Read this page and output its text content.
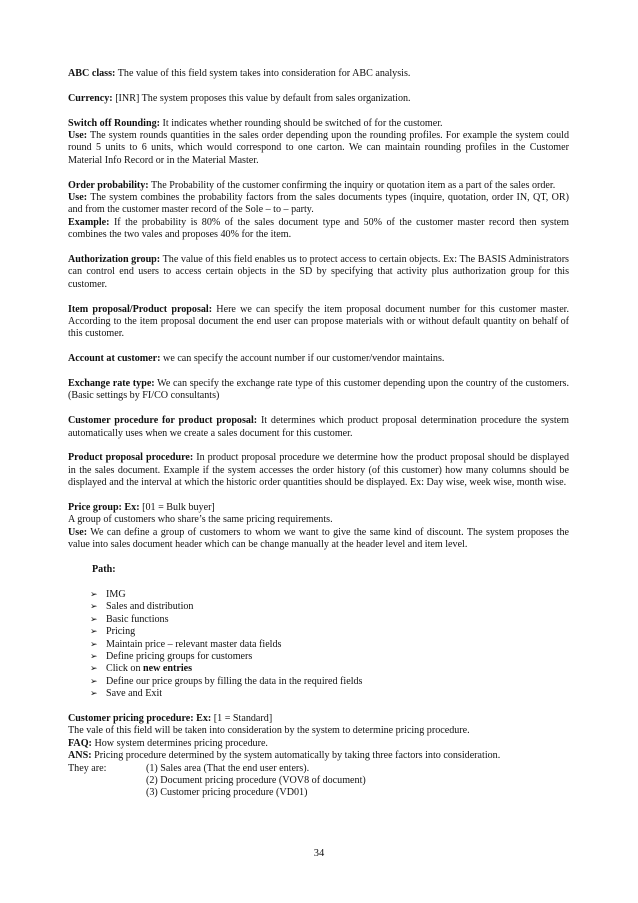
ABC class: The value of this field system takes into consideration for ABC analysis.

Currency: [INR] The system proposes this value by default from sales organization.

Switch off Rounding: It indicates whether rounding should be switched of for the customer.

Use: The system rounds quantities in the sales order depending upon the rounding profiles. For example the system could round 5 units to 6 units, which would correspond to one carton. We can maintain rounding profiles in the Customer Material Info Record or in the Material Master.

Order probability: The Probability of the customer confirming the inquiry or quotation item as a part of the sales order.

Use: The system combines the probability factors from the sales documents types (inquire, quotation, order IN, QT, OR) and from the customer master record of the Sole – to – party.

Example: If the probability is 80% of the sales document type and 50% of the customer master record then system combines the two vales and proposes 40% for the item.

Authorization group: The value of this field enables us to protect access to certain objects. Ex: The BASIS Administrators can control end users to access certain objects in the SD by specifying that activity plus authorization group for this customer.

Item proposal/Product proposal: Here we can specify the item proposal document number for this customer master. According to the item proposal document the end user can propose materials with or without default quantity on behalf of this customer.

Account at customer: we can specify the account number if our customer/vendor maintains.

Exchange rate type: We can specify the exchange rate type of this customer depending upon the country of the customers. (Basic settings by FI/CO consultants)

Customer procedure for product proposal: It determines which product proposal determination procedure the system automatically uses when we create a sales document for this customer.

Product proposal procedure: In product proposal procedure we determine how the product proposal should be displayed in the sales document. Example if the system accesses the order history (of this customer) how many columns should be displayed and the interval at which the historic order quantities should be displayed. Ex: Day wise, week wise, month wise.

Price group: Ex: [01 = Bulk buyer]

A group of customers who share’s the same pricing requirements.

Use: We can define a group of customers to whom we want to give the same kind of discount. The system proposes the value into sales document header which can be change manually at the header level and item level.

Path:
➢ IMG
➢ Sales and distribution
➢ Basic functions
➢ Pricing
➢ Maintain price – relevant master data fields
➢ Define pricing groups for customers
➢ Click on new entries
➢ Define our price groups by filling the data in the required fields
➢ Save and Exit

Customer pricing procedure: Ex: [1 = Standard]

The vale of this field will be taken into consideration by the system to determine pricing procedure.

FAQ: How system determines pricing procedure.

ANS: Pricing procedure determined by the system automatically by taking three factors into consideration.

They are:	(1) Sales area (That the end user enters).
(2) Document pricing procedure (VOV8 of document)
(3) Customer pricing procedure (VD01)
34
